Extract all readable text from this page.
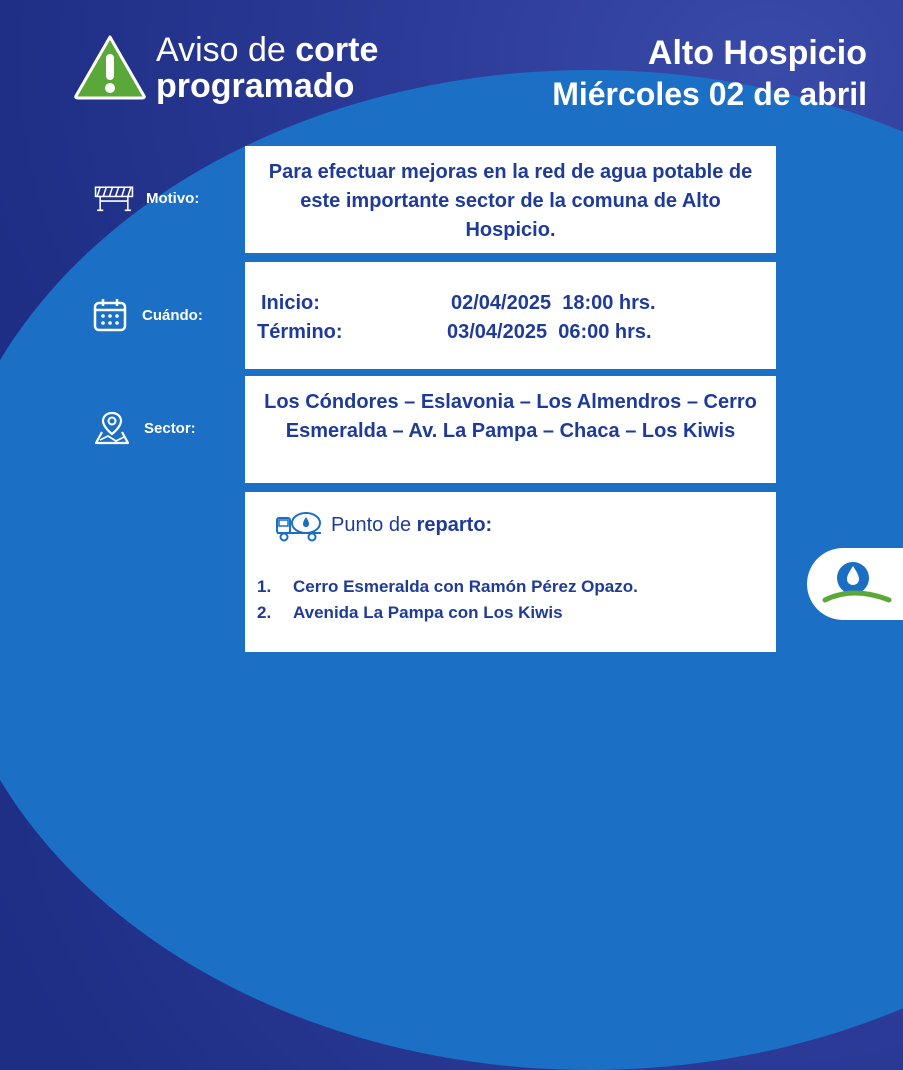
Aviso de corte
programado
Alto Hospicio
Miércoles 02 de abril
Motivo:
Para efectuar mejoras en la red de agua potable de este importante sector de la comuna de Alto Hospicio.
Cuándo:
Inicio:	02/04/2025  18:00 hrs.
Término:	03/04/2025  06:00 hrs.
Sector:
Los Cóndores – Eslavonia – Los Almendros – Cerro Esmeralda – Av. La Pampa – Chaca – Los Kiwis
Punto de reparto:
1.	Cerro Esmeralda con Ramón Pérez Opazo.
2.	Avenida La Pampa con Los Kiwis
